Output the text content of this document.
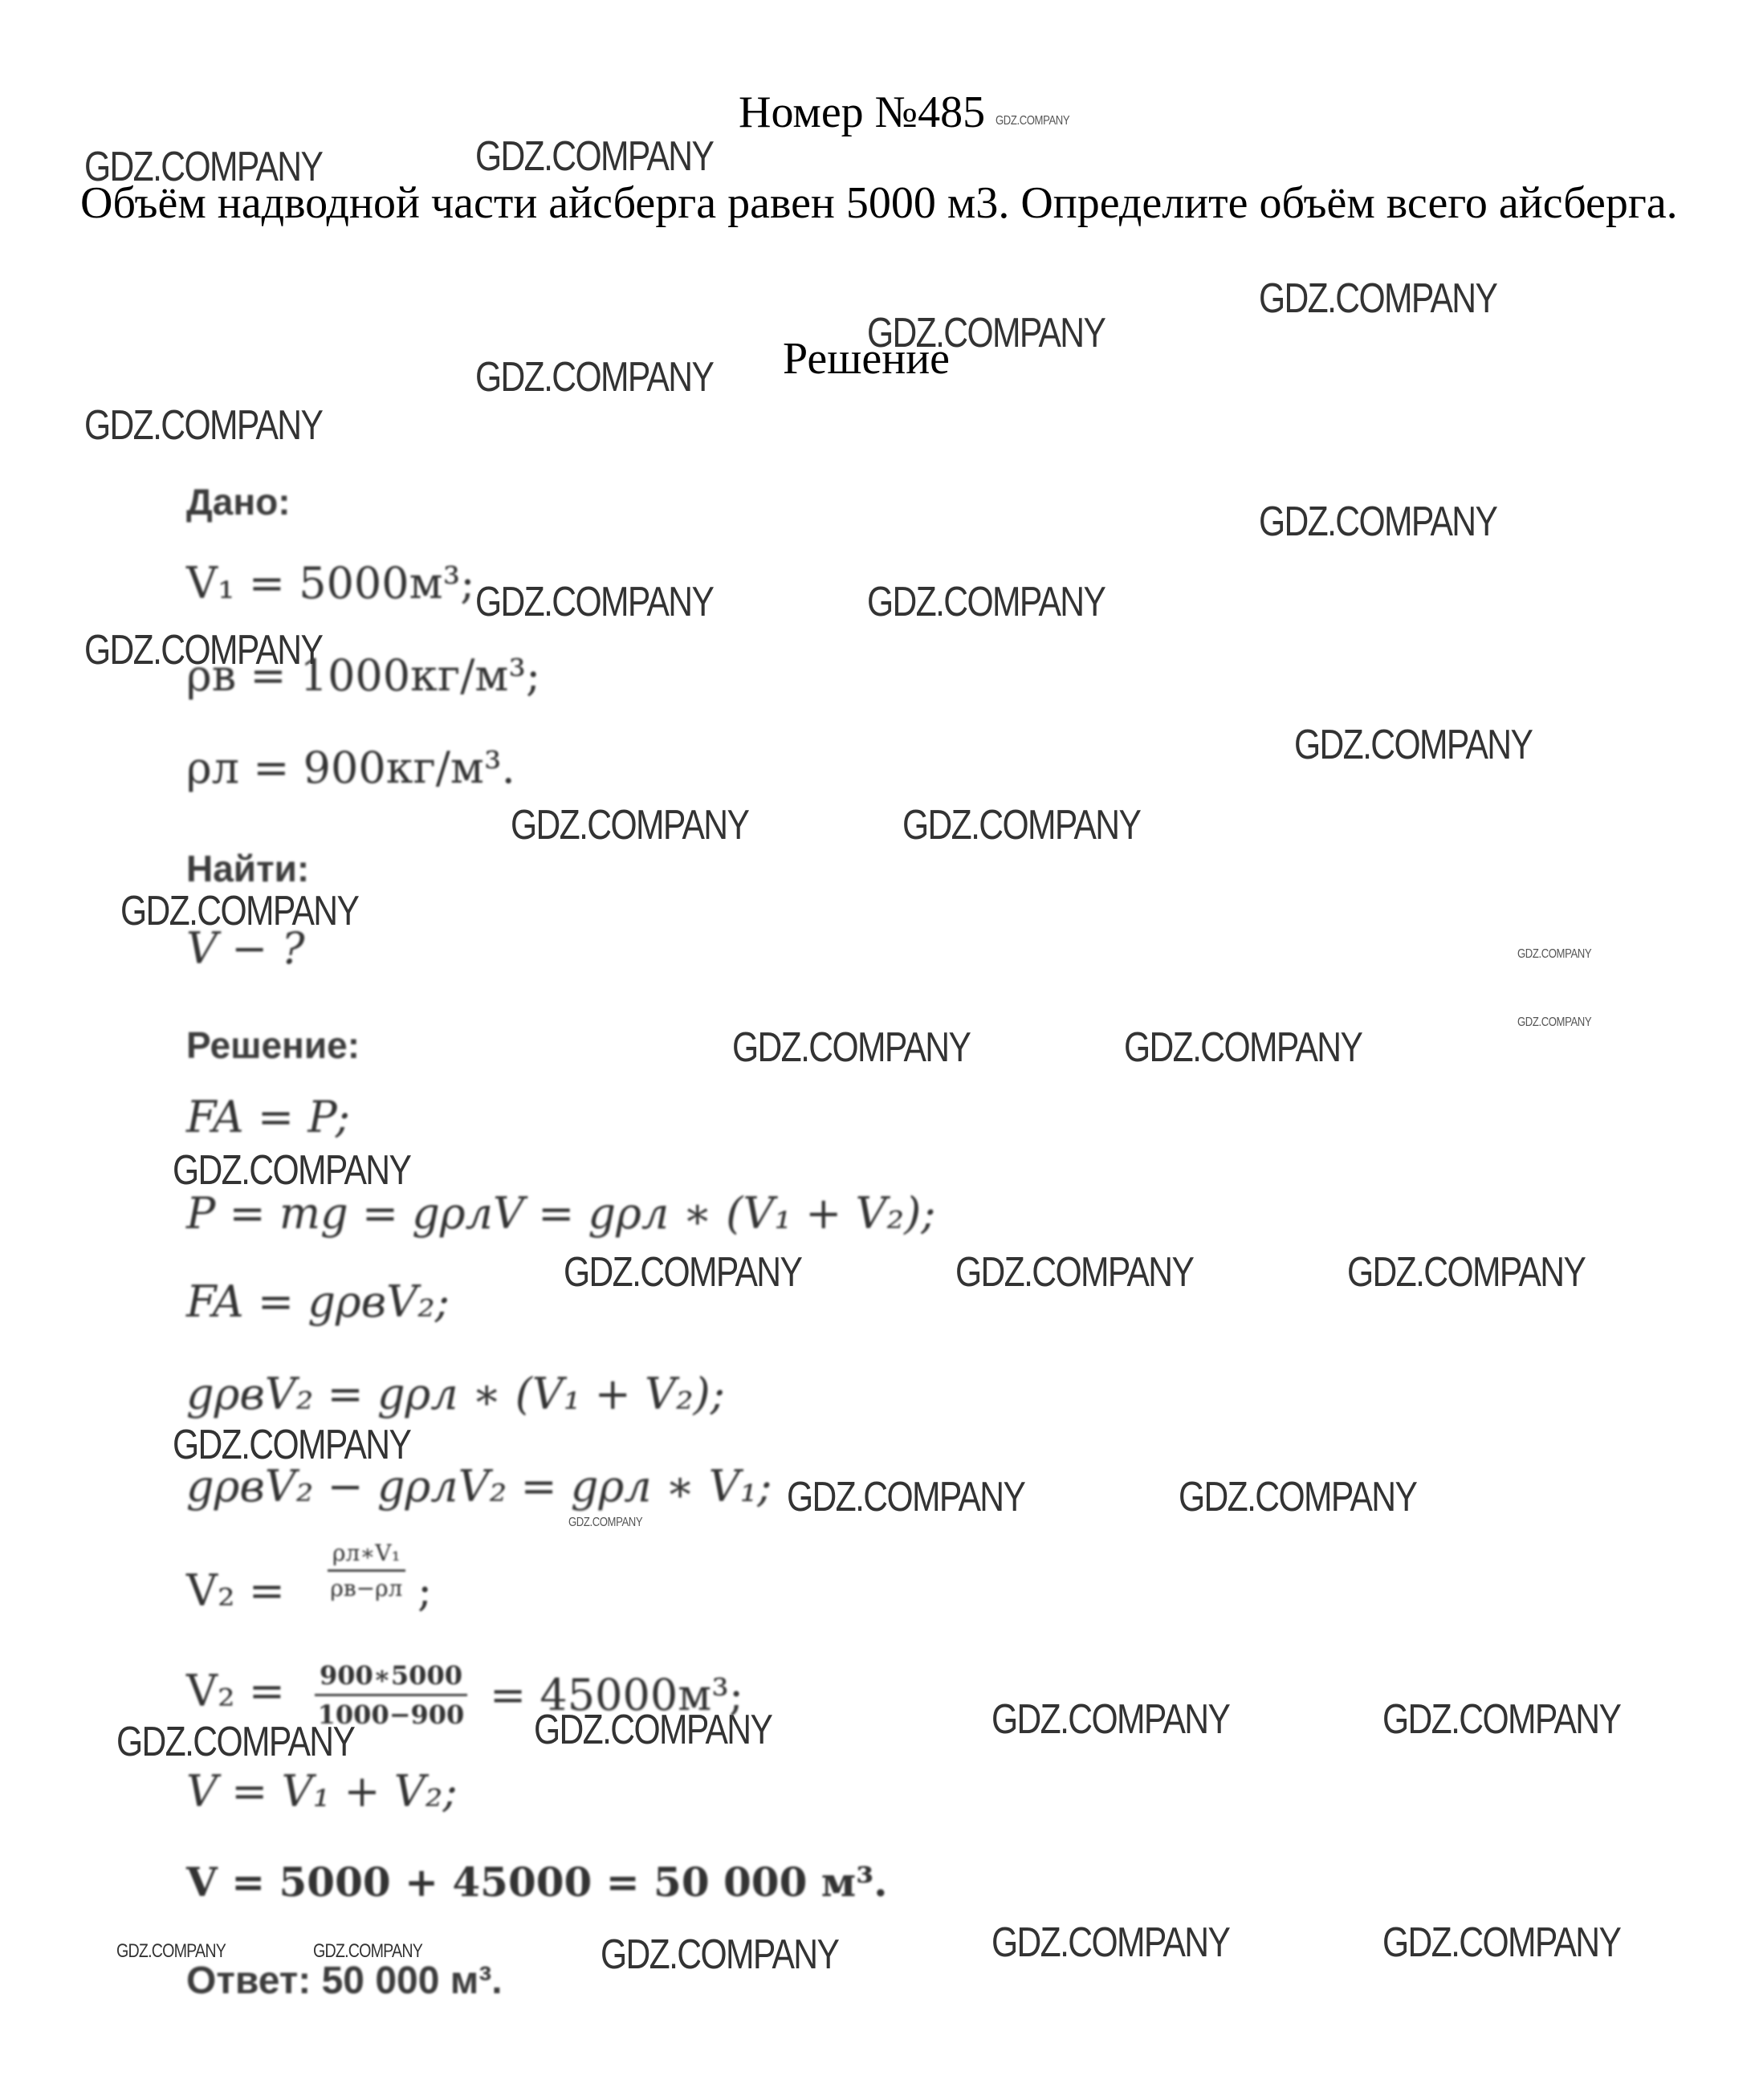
Номер №485
Объём надводной части айсберга равен 5000 м3. Определите объём всего айсберга.
Решение
Дано:
V₁ = 5000м³;
ρв = 1000кг/м³;
ρл = 900кг/м³.
Найти:
V − ?
Решение:
FA = P;
P = mg = gρлV = gρл ∗ (V₁ + V₂);
FA = gρвV₂;
gρвV₂ = gρл ∗ (V₁ + V₂);
gρвV₂ − gρлV₂ = gρл ∗ V₁;
V₂ =
ρл∗V₁
ρв−ρл ;
$V_2 = \frac{900∗5000}{1000-900} = 45000м^3$;
V = V₁ + V₂;
V = 5000 + 45000 = 50 000 м³.
Ответ: 50 000 м³.
GDZ.COMPANY	GDZ.COMPANY
GDZ.COMPANY
GDZ.COMPANY
GDZ.COMPANY
GDZ.COMPANY
GDZ.COMPANY
GDZ.COMPANY
GDZ.COMPANY	GDZ.COMPANY
GDZ.COMPANY
GDZ.COMPANY
GDZ.COMPANY	GDZ.COMPANY
GDZ.COMPANY
GDZ.COMPANY
GDZ.COMPANY
GDZ.COMPANY	GDZ.COMPANY
GDZ.COMPANY
GDZ.COMPANY	GDZ.COMPANY	GDZ.COMPANY
GDZ.COMPANY
GDZ.COMPANY	GDZ.COMPANY
GDZ.COMPANY
GDZ.COMPANY	GDZ.COMPANY
GDZ.COMPANY
GDZ.COMPANY
GDZ.COMPANY	GDZ.COMPANY	GDZ.COMPANY	GDZ.COMPANY
GDZ.COMPANY
